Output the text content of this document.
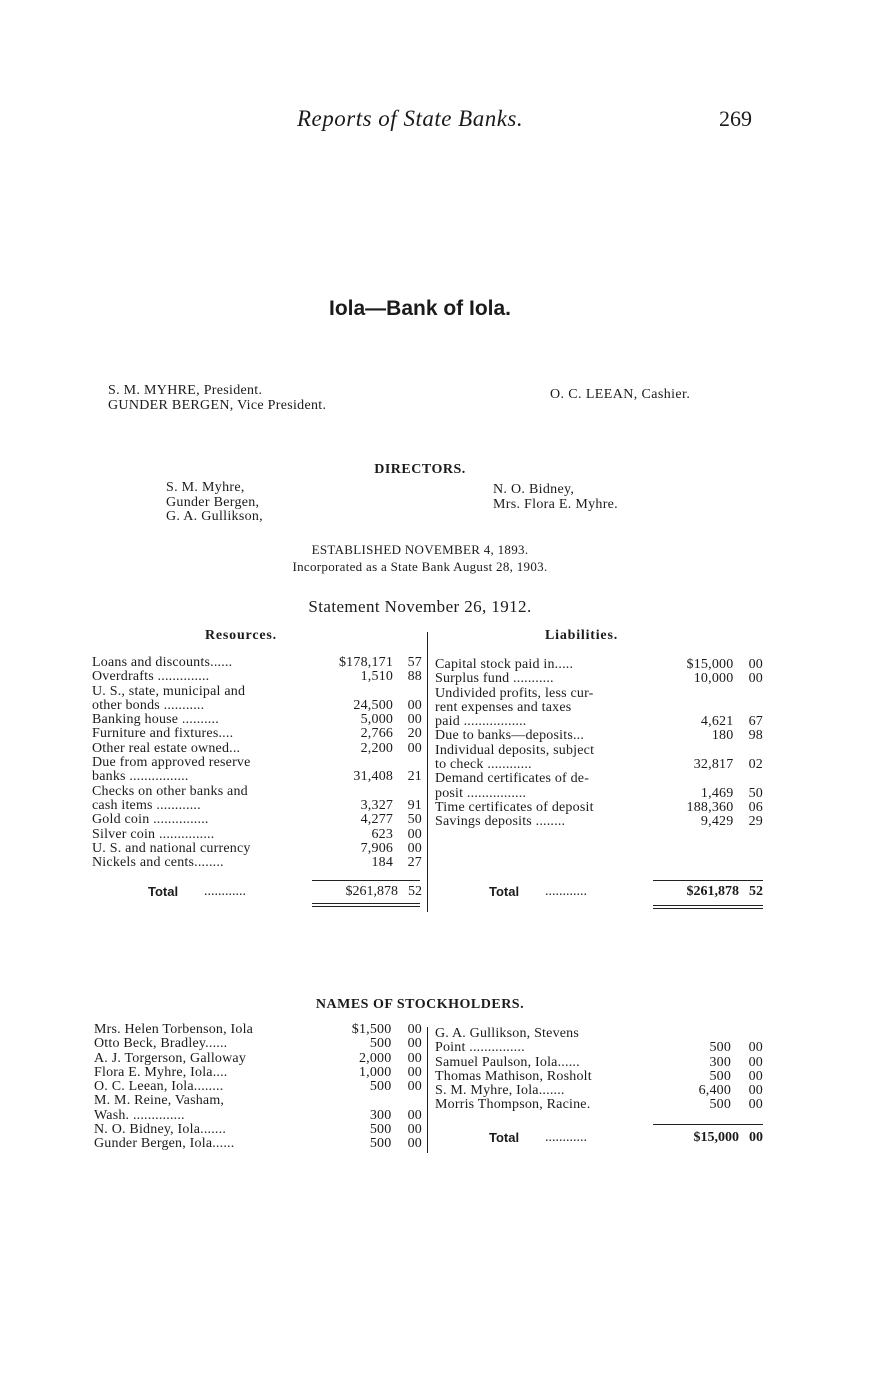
Reports of State Banks.	269
Iola—Bank of Iola.
S. M. MYHRE, President.
GUNDER BERGEN, Vice President.
O. C. LEEAN, Cashier.
DIRECTORS.
S. M. Myhre,
Gunder Bergen,
G. A. Gullikson,
N. O. Bidney,
Mrs. Flora E. Myhre.
ESTABLISHED NOVEMBER 4, 1893.
Incorporated as a State Bank August 28, 1903.
Statement November 26, 1912.
Resources.	Liabilities.
Loans and discounts......	$178,171	57
Overdrafts ..............	1,510	88
U. S., state, municipal and		
other bonds ...........	24,500	00
Banking house ..........	5,000	00
Furniture and fixtures....	2,766	20
Other real estate owned...	2,200	00
Due from approved reserve		
banks ................	31,408	21
Checks on other banks and		
cash items ............	3,327	91
Gold coin ...............	4,277	50
Silver coin ...............	623	00
U. S. and national currency	7,906	00
Nickels and cents........	184	27
Capital stock paid in.....	$15,000	00
Surplus fund ...........	10,000	00
Undivided profits, less cur-		
rent expenses and taxes		
paid .................	4,621	67
Due to banks—deposits...	180	98
Individual deposits, subject		
to check ............	32,817	02
Demand certificates of de-		
posit ................	1,469	50
Time certificates of deposit	188,360	06
Savings deposits ........	9,429	29
Total ............	$261,878 52	Total ............	$261,878 52
NAMES OF STOCKHOLDERS.
Mrs. Helen Torbenson, Iola	$1,500	00
Otto Beck, Bradley......	500	00
A. J. Torgerson, Galloway	2,000	00
Flora E. Myhre, Iola....	1,000	00
O. C. Leean, Iola........	500	00
M. M. Reine, Vasham,		
Wash. ..............	300	00
N. O. Bidney, Iola.......	500	00
Gunder Bergen, Iola......	500	00
G. A. Gullikson, Stevens		
Point ...............	500	00
Samuel Paulson, Iola......	300	00
Thomas Mathison, Rosholt	500	00
S. M. Myhre, Iola.......	6,400	00
Morris Thompson, Racine.	500	00
Total ............	$15,000 00
